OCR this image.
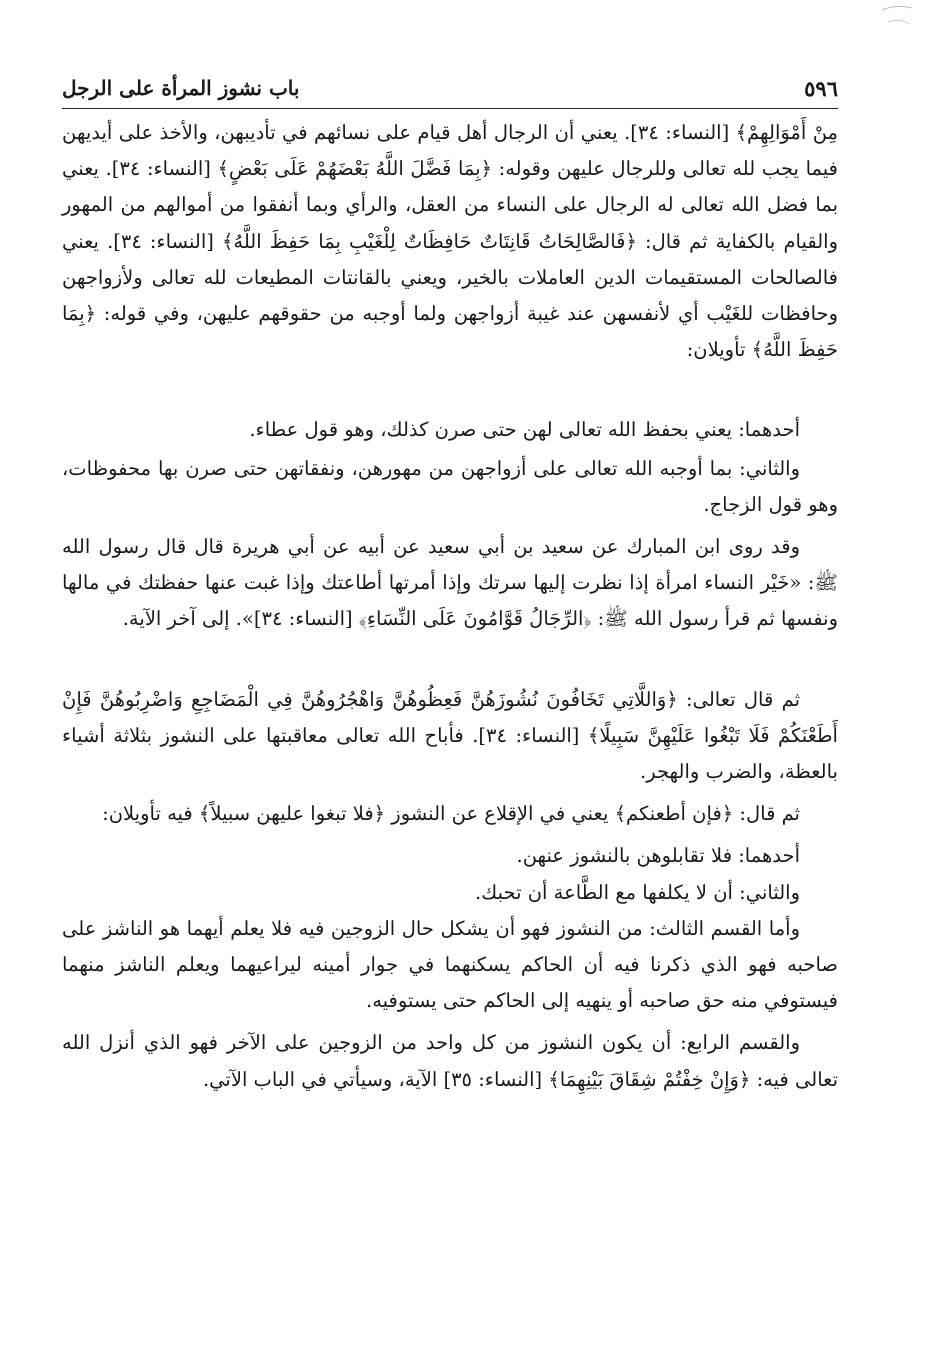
٥٩٦
باب نشوز المرأة على الرجل

مِنْ أَمْوَالِهِمْ﴾ [النساء: ٣٤]. يعني أن الرجال أهل قيام على نسائهم في تأديبهن، والأخذ على أيديهن فيما يجب لله تعالى وللرجال عليهن وقوله: ﴿بِمَا فَضَّلَ اللَّهُ بَعْضَهُمْ عَلَى بَعْضٍ﴾ [النساء: ٣٤]. يعني بما فضل الله تعالى له الرجال على النساء من العقل، والرأي وبما أنفقوا من أموالهم من المهور والقيام بالكفاية ثم قال: ﴿فَالصَّالِحَاتُ قَانِتَاتٌ حَافِظَاتٌ لِلْغَيْبِ بِمَا حَفِظَ اللَّهُ﴾ [النساء: ٣٤]. يعني فالصالحات المستقيمات الدين العاملات بالخير، ويعني بالقانتات المطيعات لله تعالى ولأزواجهن وحافظات للغَيْب أي لأنفسهن عند غيبة أزواجهن ولما أوجبه من حقوقهم عليهن، وفي قوله: ﴿بِمَا حَفِظَ اللَّهُ﴾ تأويلان:

أحدهما: يعني بحفظ الله تعالى لهن حتى صرن كذلك، وهو قول عطاء.

والثاني: بما أوجبه الله تعالى على أزواجهن من مهورهن، ونفقاتهن حتى صرن بها محفوظات، وهو قول الزجاج.

وقد روى ابن المبارك عن سعيد بن أبي سعيد عن أبيه عن أبي هريرة قال قال رسول الله ﷺ: «خَيْر النساء امرأة إذا نظرت إليها سرتك وإذا أمرتها أطاعتك وإذا غبت عنها حفظتك في مالها ونفسها ثم قرأ رسول الله ﷺ: ﴿الرِّجَالُ قَوَّامُونَ عَلَى النِّسَاءِ﴾ [النساء: ٣٤]». إلى آخر الآية.

ثم قال تعالى: ﴿وَاللَّاتِي تَخَافُونَ نُشُوزَهُنَّ فَعِظُوهُنَّ وَاهْجُرُوهُنَّ فِي الْمَضَاجِعِ وَاضْرِبُوهُنَّ فَإِنْ أَطَعْنَكُمْ فَلَا تَبْغُوا عَلَيْهِنَّ سَبِيلًا﴾ [النساء: ٣٤]. فأباح الله تعالى معاقبتها على النشوز بثلاثة أشياء بالعظة، والضرب والهجر.

ثم قال: ﴿فإن أطعنكم﴾ يعني في الإقلاع عن النشوز ﴿فلا تبغوا عليهن سبيلاً﴾ فيه تأويلان:

أحدهما: فلا تقابلوهن بالنشوز عنهن.

والثاني: أن لا يكلفها مع الطَّاعة أن تحبك.

وأما القسم الثالث: من النشوز فهو أن يشكل حال الزوجين فيه فلا يعلم أيهما هو الناشز على صاحبه فهو الذي ذكرنا فيه أن الحاكم يسكنهما في جوار أمينه ليراعيهما ويعلم الناشز منهما فيستوفي منه حق صاحبه أو ينهيه إلى الحاكم حتى يستوفيه.

والقسم الرابع: أن يكون النشوز من كل واحد من الزوجين على الآخر فهو الذي أنزل الله تعالى فيه: ﴿وَإِنْ خِفْتُمْ شِقَاقَ بَيْنِهِمَا﴾ [النساء: ٣٥] الآية، وسيأتي في الباب الآتي.
